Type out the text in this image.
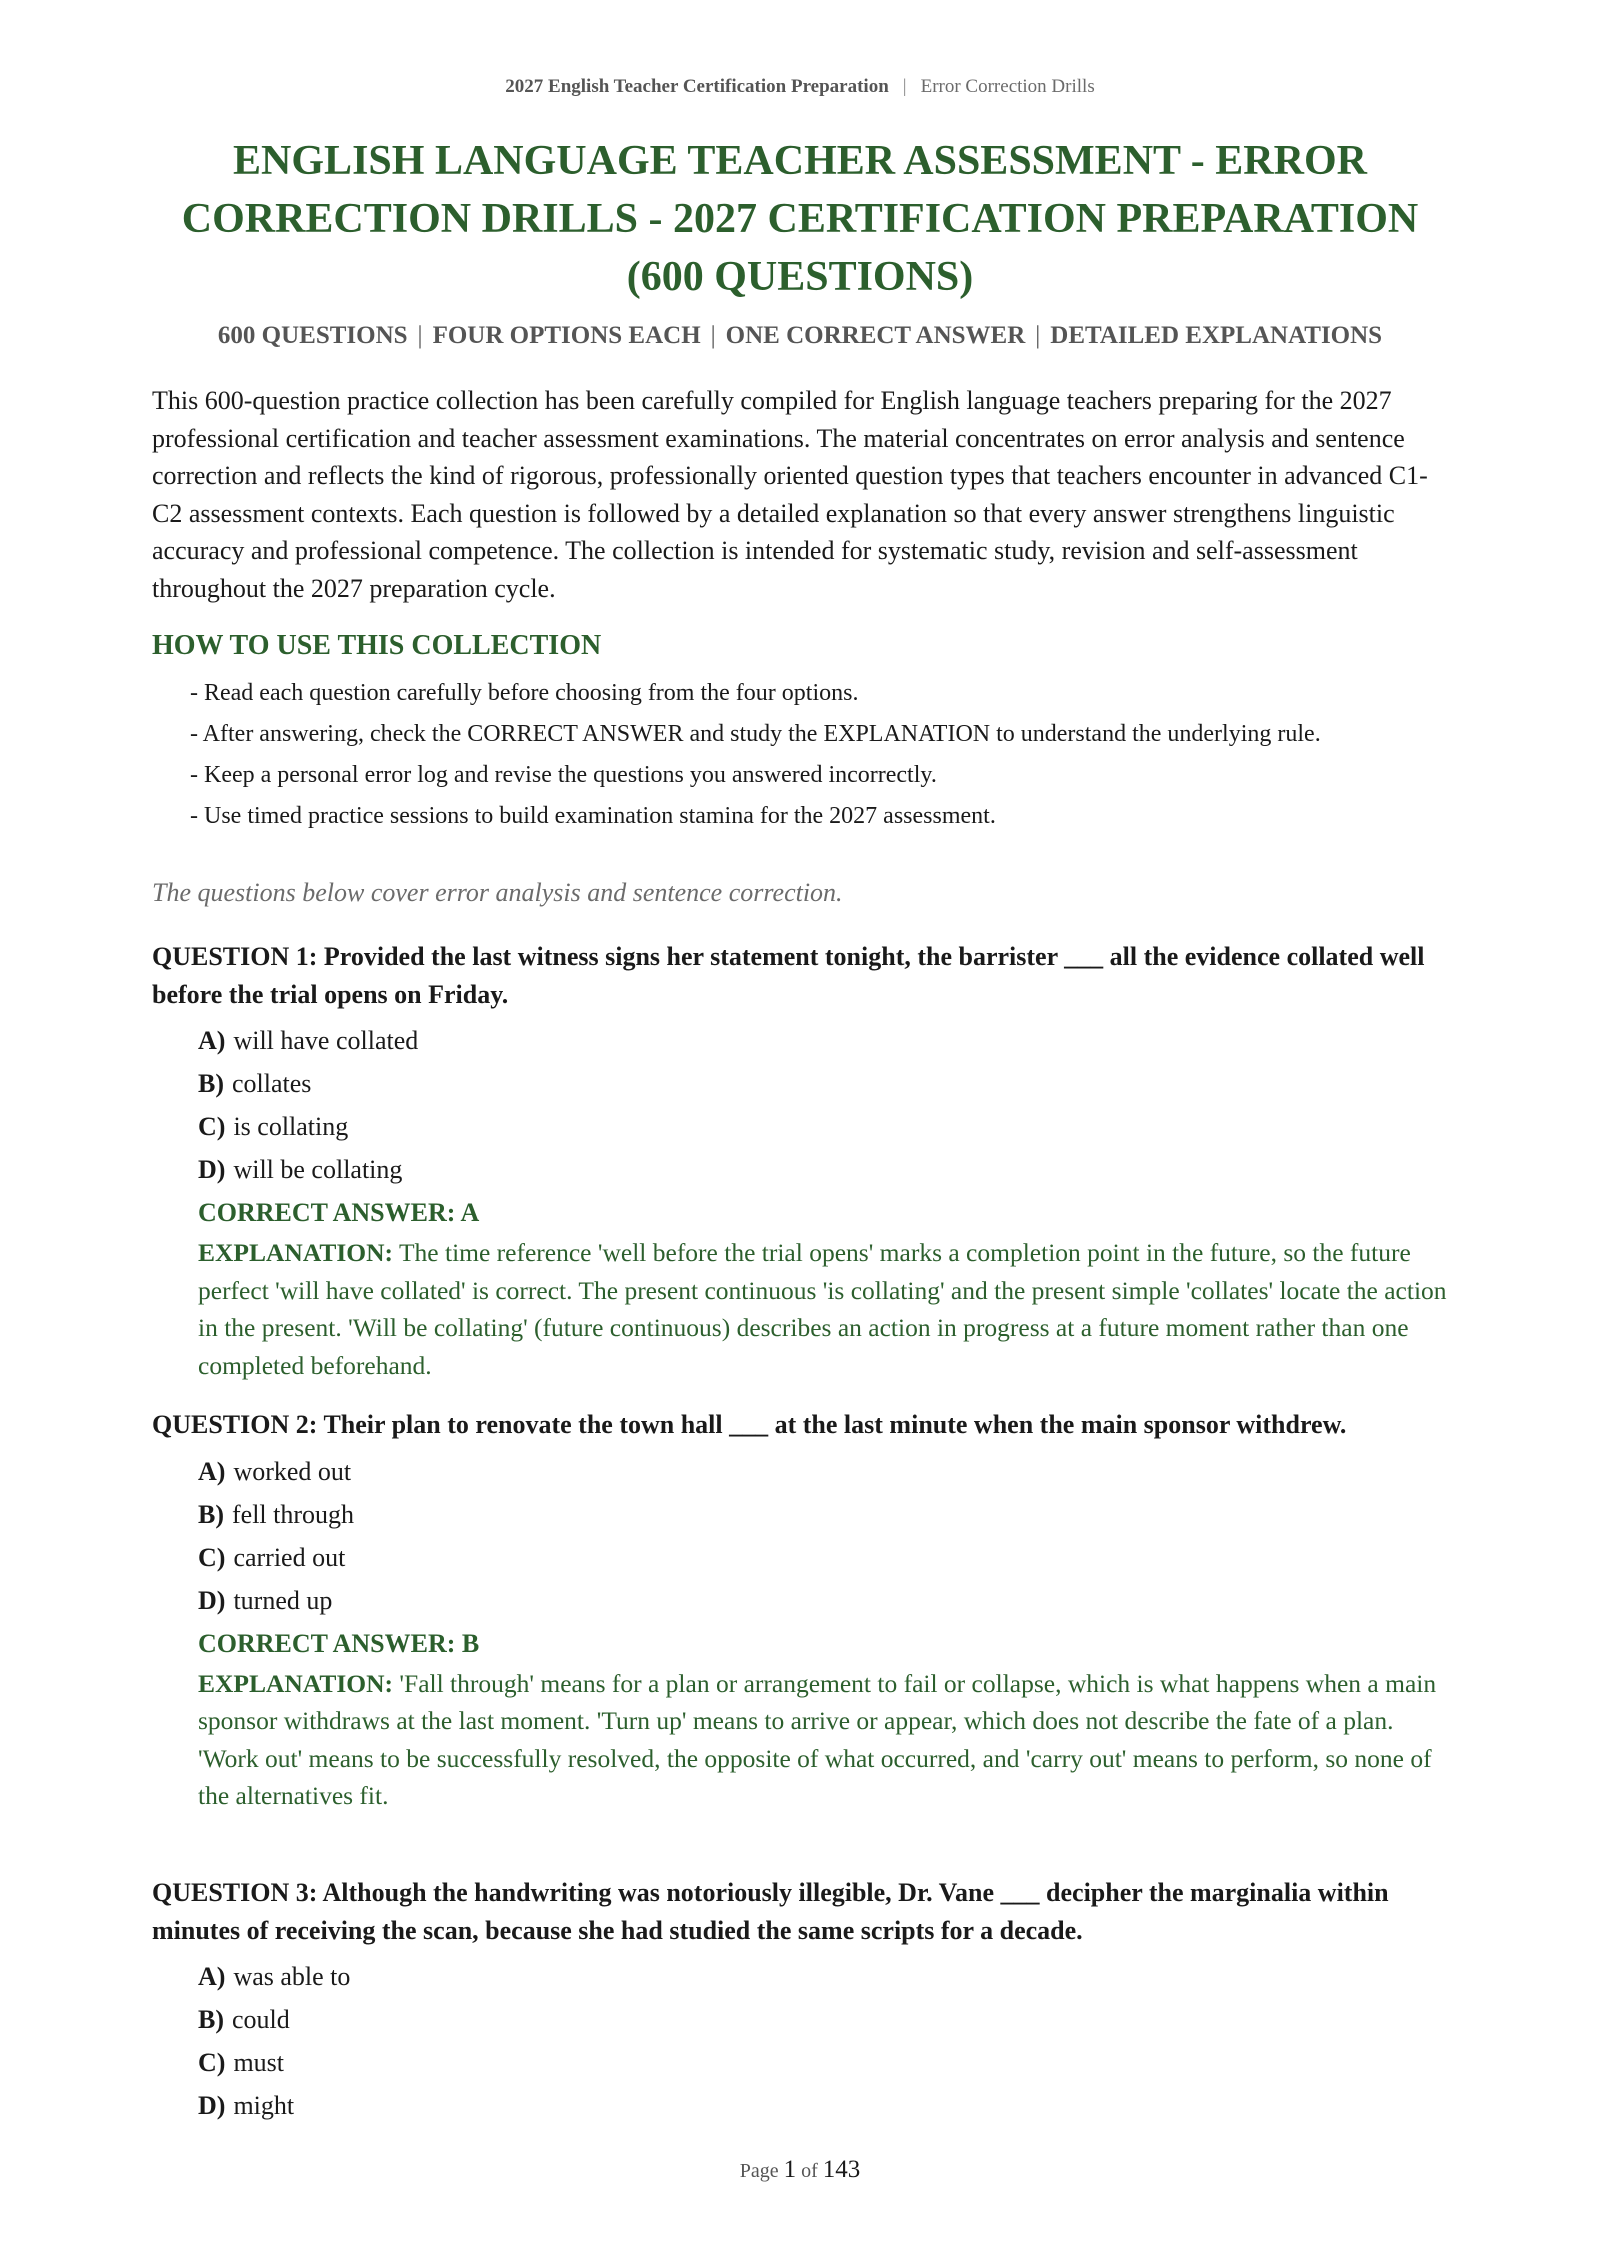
2027 English Teacher Certification Preparation | Error Correction Drills
ENGLISH LANGUAGE TEACHER ASSESSMENT - ERROR CORRECTION DRILLS - 2027 CERTIFICATION PREPARATION (600 QUESTIONS)
600 QUESTIONS | FOUR OPTIONS EACH | ONE CORRECT ANSWER | DETAILED EXPLANATIONS

This 600-question practice collection has been carefully compiled for English language teachers preparing for the 2027 professional certification and teacher assessment examinations. The material concentrates on error analysis and sentence correction and reflects the kind of rigorous, professionally oriented question types that teachers encounter in advanced C1-C2 assessment contexts. Each question is followed by a detailed explanation so that every answer strengthens linguistic accuracy and professional competence. The collection is intended for systematic study, revision and self-assessment throughout the 2027 preparation cycle.

HOW TO USE THIS COLLECTION
- Read each question carefully before choosing from the four options.
- After answering, check the CORRECT ANSWER and study the EXPLANATION to understand the underlying rule.
- Keep a personal error log and revise the questions you answered incorrectly.
- Use timed practice sessions to build examination stamina for the 2027 assessment.

The questions below cover error analysis and sentence correction.

QUESTION 1: Provided the last witness signs her statement tonight, the barrister ___ all the evidence collated well before the trial opens on Friday.

A) will have collated
B) collates
C) is collating
D) will be collating

CORRECT ANSWER: A

EXPLANATION: The time reference 'well before the trial opens' marks a completion point in the future, so the future perfect 'will have collated' is correct. The present continuous 'is collating' and the present simple 'collates' locate the action in the present. 'Will be collating' (future continuous) describes an action in progress at a future moment rather than one completed beforehand.

QUESTION 2: Their plan to renovate the town hall ___ at the last minute when the main sponsor withdrew.

A) worked out
B) fell through
C) carried out
D) turned up

CORRECT ANSWER: B

EXPLANATION: 'Fall through' means for a plan or arrangement to fail or collapse, which is what happens when a main sponsor withdraws at the last moment. 'Turn up' means to arrive or appear, which does not describe the fate of a plan. 'Work out' means to be successfully resolved, the opposite of what occurred, and 'carry out' means to perform, so none of the alternatives fit.

QUESTION 3: Although the handwriting was notoriously illegible, Dr. Vane ___ decipher the marginalia within minutes of receiving the scan, because she had studied the same scripts for a decade.

A) was able to
B) could
C) must
D) might
Page 1 of 143
